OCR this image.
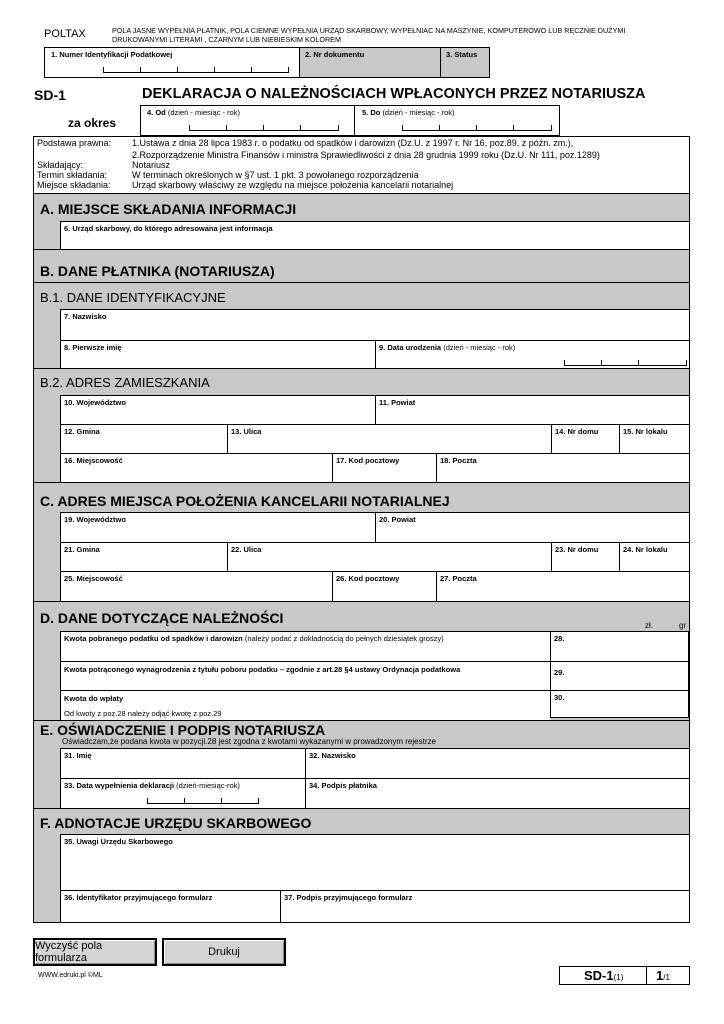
POLTAX	POLA JASNE WYPEŁNIA PŁATNIK, POLA CIEMNE WYPEŁNIA URZĄD SKARBOWY, WYPEŁNIAC NA MASZYNIE, KOMPUTEROWO LUB RĘCZNIE DUŻYMI DRUKOWANYMI LITERAMI , CZARNYM LUB NIEBIESKIM KOLOREM
1. Numer Identyfikacji Podatkowej	2. Nr dokumentu	3. Status
SD-1	DEKLARACJA O NALEŻNOŚCIACH WPŁACONYCH PRZEZ NOTARIUSZA
za okres
4. Od (dzień - miesiąc - rok)	5. Do (dzień - miesiąc - rok)
Podstawa prawna: 1.Ustawa z dnia 28 lipca 1983 r. o podatku od spadków i darowizn (Dz.U. z 1997 r. Nr 16, poz.89, z późn. zm.),
2.Rozporządzenie Ministra Finansów i ministra Sprawiedliwości z dnia 28 grudnia 1999 roku (Dz.U. Nr 111, poz.1289)
Składający:	Notariusz
Termin składania:	W terminach określonych w §7 ust. 1 pkt. 3 powołanego rozporządzenia
Miejsce składania: Urząd skarbowy właściwy ze względu na miejsce położenia kancelarii notarialnej
A. MIEJSCE SKŁADANIA INFORMACJI
6. Urząd skarbowy, do którego adresowana jest informacja
B. DANE PŁATNIKA (NOTARIUSZA)
B.1. DANE IDENTYFIKACYJNE
7. Nazwisko
8. Pierwsze imię	9. Data urodzenia (dzień - miesiąc - rok)
B.2. ADRES ZAMIESZKANIA
10. Województwo	11. Powiat
12. Gmina	13. Ulica	14. Nr domu	15. Nr lokalu
16. Miejscowość	17. Kod pocztowy	18. Poczta
C. ADRES MIEJSCA POŁOŻENIA KANCELARII NOTARIALNEJ
19. Województwo	20. Powiat
21. Gmina	22. Ulica	23. Nr domu	24. Nr lokalu
25. Miejscowość	26. Kod pocztowy	27. Poczta
D. DANE DOTYCZĄCE NALEŻNOŚCI	zł.	gr
Kwota pobranego podatku od spadków i darowizn (należy podać z dokładnością do pełnych dziesiątek groszy)	28.
Kwota potrąconego wynagrodzenia z tytułu poboru podatku – zgodnie z art.28 §4 ustawy Ordynacja podatkowa	29.
Kwota do wpłaty
Od kwoty z poz.28 należy odjąć kwotę z poz.29
30.
E. OŚWIADCZENIE I PODPIS NOTARIUSZA
Oświadczam,że podana kwota w pozycji.28 jest zgodna z kwotami wykazanymi w prowadzonym rejestrze
31. Imię	32. Nazwisko
33. Data wypełnienia deklaracji (dzień-miesiąc-rok)	34. Podpis płatnika
F. ADNOTACJE URZĘDU SKARBOWEGO
35. Uwagi Urzędu Skarbowego
36. Identyfikator przyjmującego formularz	37. Podpis przyjmującego formularz
Wyczyść pola formularza	Drukuj
WWW.edruki.pl ©ML	SD-1(1)	1/1
